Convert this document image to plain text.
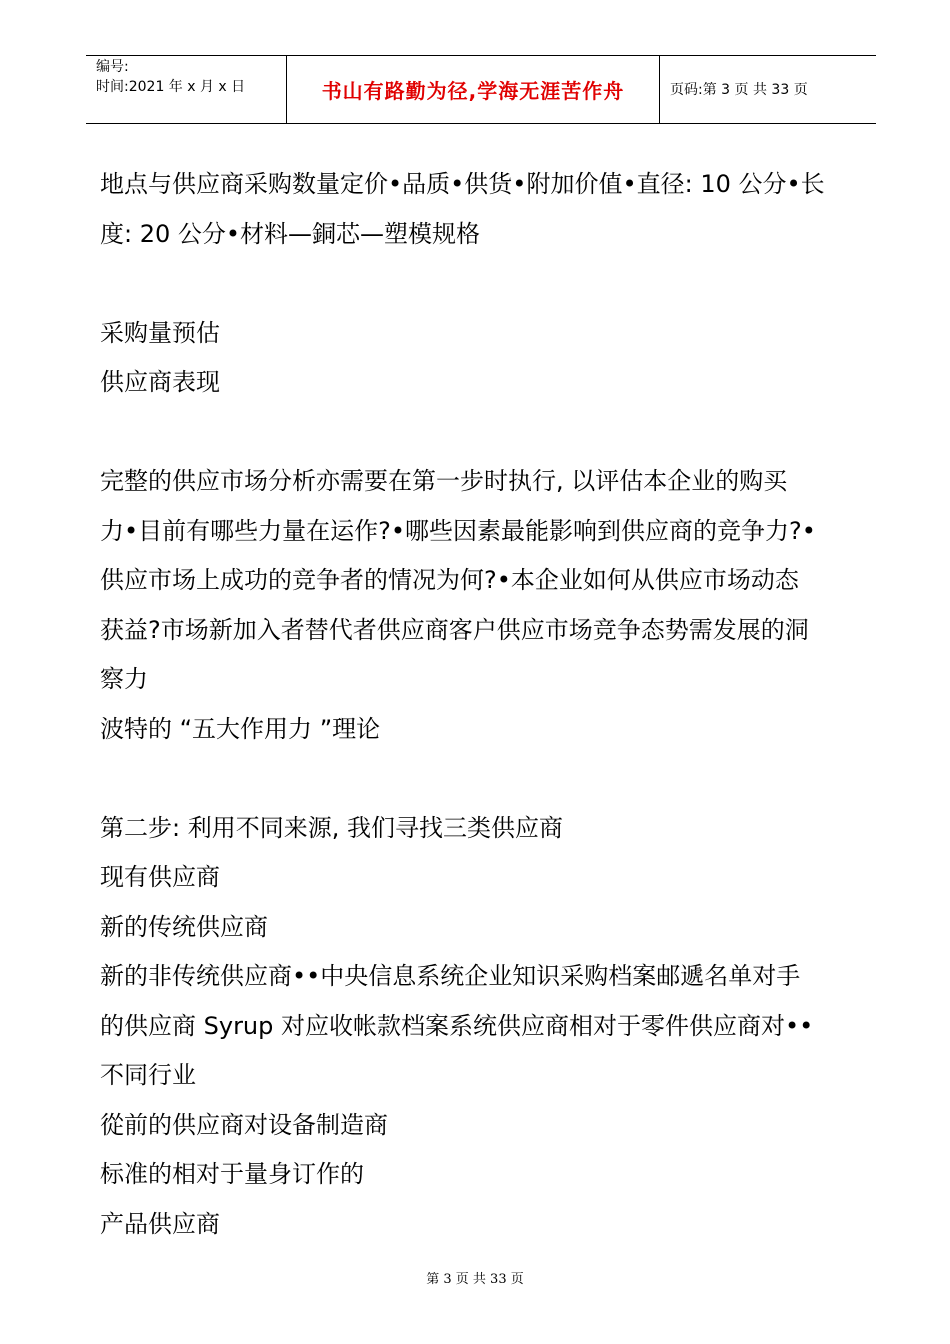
编号:
时间:2021 年 x 月 x 日	书山有路勤为径,学海无涯苦作舟	页码:第 3 页 共 33 页
地点与供应商采购数量定价•品质•供货•附加价值•直径: 10 公分•长
度: 20 公分•材料—銅芯—塑模规格
采购量预估
供应商表现
完整的供应市场分析亦需要在第一步时执行, 以评估本企业的购买
力•目前有哪些力量在运作?•哪些因素最能影响到供应商的竞争力?•
供应市场上成功的竞争者的情况为何?•本企业如何从供应市场动态
获益?市场新加入者替代者供应商客户供应市场竞争态势需发展的洞
察力
波特的 “五大作用力 ”理论
第二步: 利用不同来源, 我们寻找三类供应商
现有供应商
新的传统供应商
新的非传统供应商••中央信息系统企业知识采购档案邮遞名单对手
的供应商 Syrup 对应收帐款档案系统供应商相对于零件供应商对••
不同行业
從前的供应商对设备制造商
标准的相对于量身订作的
产品供应商
第 3 页 共 33 页
